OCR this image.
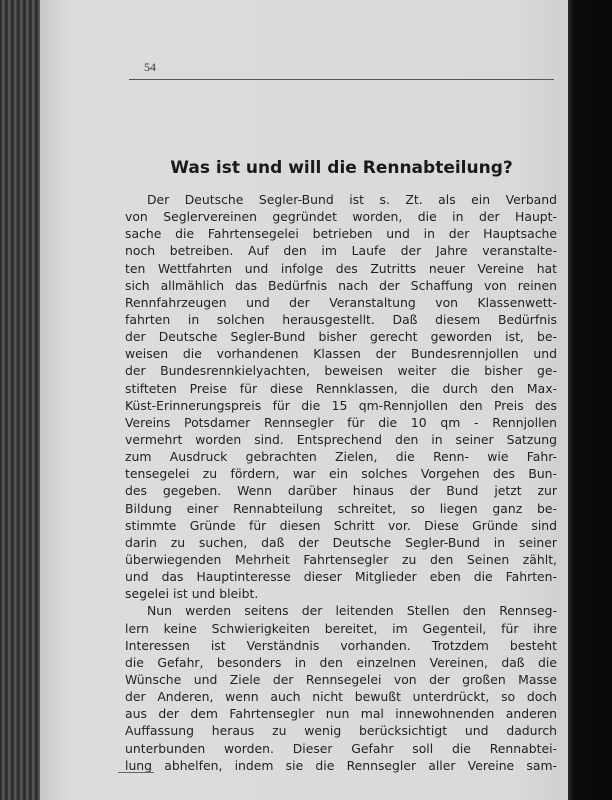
54

Was ist und will die Rennabteilung?
Der Deutsche Segler-Bund ist s. Zt. als ein Verband
von Seglervereinen gegründet worden, die in der Haupt-
sache die Fahrtensegelei betrieben und in der Hauptsache
noch betreiben. Auf den im Laufe der Jahre veranstalte-
ten Wettfahrten und infolge des Zutritts neuer Vereine hat
sich allmählich das Bedürfnis nach der Schaffung von reinen
Rennfahrzeugen und der Veranstaltung von Klassenwett-
fahrten in solchen herausgestellt. Daß diesem Bedürfnis
der Deutsche Segler-Bund bisher gerecht geworden ist, be-
weisen die vorhandenen Klassen der Bundesrennjollen und
der Bundesrennkielyachten, beweisen weiter die bisher ge-
stifteten Preise für diese Rennklassen, die durch den Max-
Küst-Erinnerungspreis für die 15 qm-Rennjollen den Preis des
Vereins Potsdamer Rennsegler für die 10 qm - Rennjollen
vermehrt worden sind. Entsprechend den in seiner Satzung
zum Ausdruck gebrachten Zielen, die Renn- wie Fahr-
tensegelei zu fördern, war ein solches Vorgehen des Bun-
des gegeben. Wenn darüber hinaus der Bund jetzt zur
Bildung einer Rennabteilung schreitet, so liegen ganz be-
stimmte Gründe für diesen Schritt vor. Diese Gründe sind
darin zu suchen, daß der Deutsche Segler-Bund in seiner
überwiegenden Mehrheit Fahrtensegler zu den Seinen zählt,
und das Hauptinteresse dieser Mitglieder eben die Fahrten-
segelei ist und bleibt.
Nun werden seitens der leitenden Stellen den Rennseg-
lern keine Schwierigkeiten bereitet, im Gegenteil, für ihre
Interessen ist Verständnis vorhanden. Trotzdem besteht
die Gefahr, besonders in den einzelnen Vereinen, daß die
Wünsche und Ziele der Rennsegelei von der großen Masse
der Anderen, wenn auch nicht bewußt unterdrückt, so doch
aus der dem Fahrtensegler nun mal innewohnenden anderen
Auffassung heraus zu wenig berücksichtigt und dadurch
unterbunden worden. Dieser Gefahr soll die Rennabtei-
lung abhelfen, indem sie die Rennsegler aller Vereine sam-
